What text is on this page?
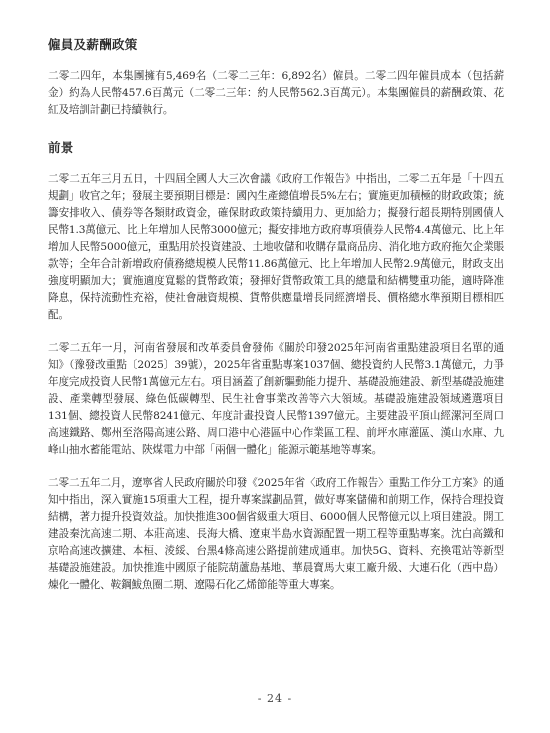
僱員及薪酬政策

二零二四年，本集團擁有5,469名（二零二三年：6,892名）僱員。二零二四年僱員成本（包括薪金）約為人民幣457.6百萬元（二零二三年：約人民幣562.3百萬元）。本集團僱員的薪酬政策、花紅及培訓計劃已持續執行。

前景

二零二五年三月五日，十四屆全國人大三次會議《政府工作報告》中指出，二零二五年是「十四五規劃」收官之年；發展主要預期目標是：國內生產總值增長5%左右；實施更加積極的財政政策；統籌安排收入、債券等各類財政資金，確保財政政策持續用力、更加給力；擬發行超長期特別國債人民幣1.3萬億元、比上年增加人民幣3000億元；擬安排地方政府專項債券人民幣4.4萬億元、比上年增加人民幣5000億元，重點用於投資建設、土地收儲和收購存量商品房、消化地方政府拖欠企業賬款等；全年合計新增政府債務總規模人民幣11.86萬億元、比上年增加人民幣2.9萬億元，財政支出強度明顯加大；實施適度寬鬆的貨幣政策；發揮好貨幣政策工具的總量和結構雙重功能，適時降准降息，保持流動性充裕，使社會融資規模、貨幣供應量增長同經濟增長、價格總水準預期目標相匹配。

二零二五年一月，河南省發展和改革委員會發佈《關於印發2025年河南省重點建設項目名單的通知》（豫發改重點〔2025〕39號），2025年省重點專案1037個、總投資約人民幣3.1萬億元，力爭年度完成投資人民幣1萬億元左右。項目涵蓋了創新驅動能力提升、基礎設施建設、新型基礎設施建設、產業轉型發展、綠色低碳轉型、民生社會事業改善等六大領域。基礎設施建設領域遴選項目131個、總投資人民幣8241億元、年度計畫投資人民幣1397億元。主要建設平頂山經漯河至周口高速鐵路、鄭州至洛陽高速公路、周口港中心港區中心作業區工程、前坪水庫灌區、漢山水庫、九峰山抽水蓄能電站、陝煤電力中部「兩個一體化」能源示範基地等專案。

二零二五年二月，遼寧省人民政府關於印發《2025年省〈政府工作報告〉重點工作分工方案》的通知中指出，深入實施15項重大工程，提升專案謀劃品質，做好專案儲備和前期工作，保持合理投資結構，著力提升投資效益。加快推進300個省級重大項目、6000個人民幣億元以上項目建設。開工建設秦沈高速二期、本莊高速、長海大橋、遼東半島水資源配置一期工程等重點專案。沈白高鐵和京哈高速改擴建、本桓、淩綏、台黑4條高速公路提前建成通車。加快5G、資料、充換電站等新型基礎設施建設。加快推進中國原子能院葫蘆島基地、華晨寶馬大東工廠升級、大連石化（西中島）煉化一體化、鞍鋼鮁魚圈二期、遼陽石化乙烯節能等重大專案。

- 24 -
